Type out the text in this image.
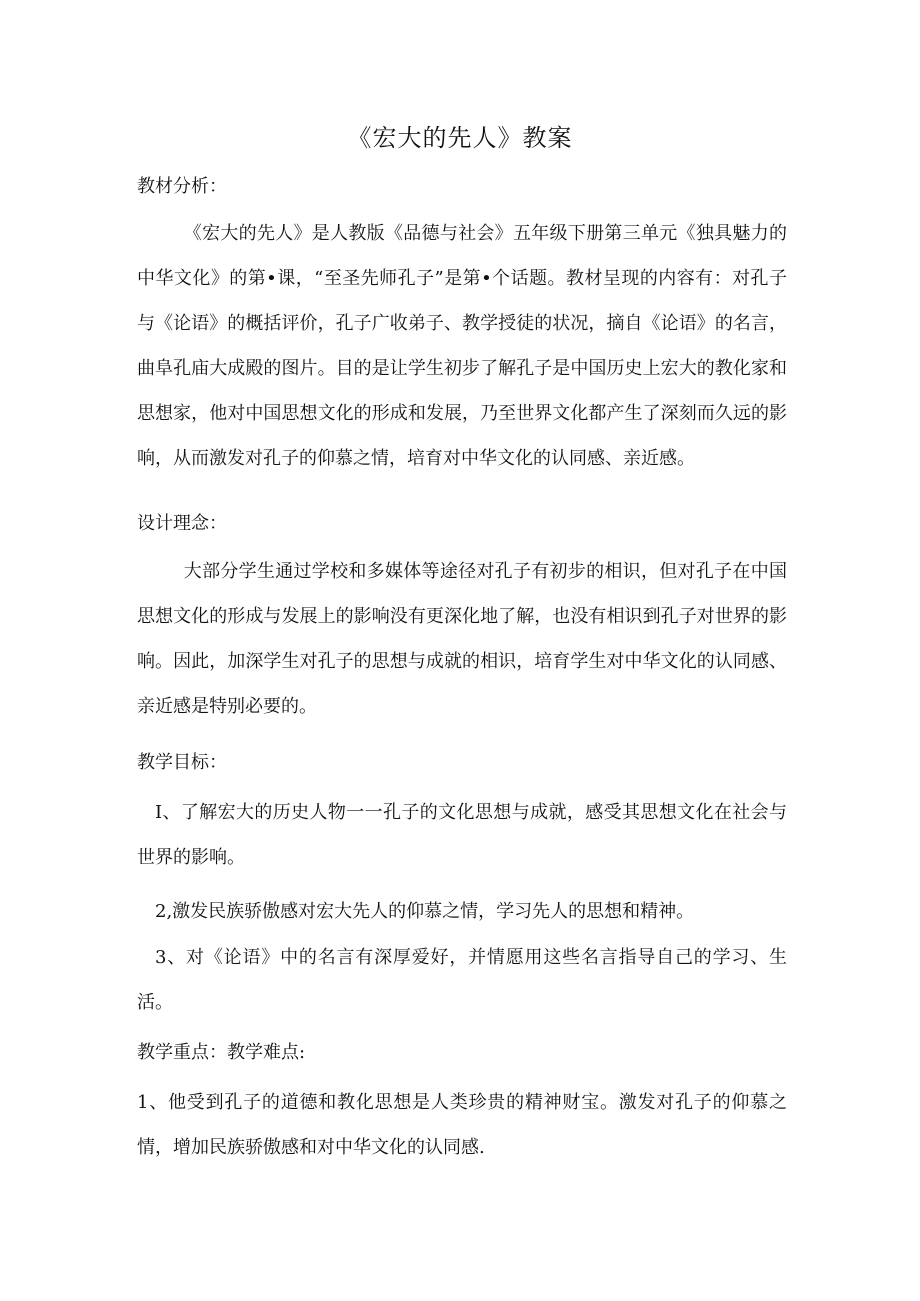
《宏大的先人》教案
教材分析：
《宏大的先人》是人教版《品德与社会》五年级下册第三单元《独具魅力的中华文化》的第•课，“至圣先师孔子”是第•个话题。教材呈现的内容有：对孔子与《论语》的概括评价，孔子广收弟子、教学授徒的状况，摘自《论语》的名言，曲阜孔庙大成殿的图片。目的是让学生初步了解孔子是中国历史上宏大的教化家和思想家，他对中国思想文化的形成和发展，乃至世界文化都产生了深刻而久远的影响，从而激发对孔子的仰慕之情，培育对中华文化的认同感、亲近感。
设计理念：
大部分学生通过学校和多媒体等途径对孔子有初步的相识，但对孔子在中国思想文化的形成与发展上的影响没有更深化地了解，也没有相识到孔子对世界的影响。因此，加深学生对孔子的思想与成就的相识，培育学生对中华文化的认同感、亲近感是特别必要的。
教学目标：
I、了解宏大的历史人物一一孔子的文化思想与成就，感受其思想文化在社会与世界的影响。
2,激发民族骄傲感对宏大先人的仰慕之情，学习先人的思想和精神。
3、对《论语》中的名言有深厚爱好，并情愿用这些名言指导自己的学习、生活。
教学重点：教学难点:
1、他受到孔子的道德和教化思想是人类珍贵的精神财宝。激发对孔子的仰慕之情，增加民族骄傲感和对中华文化的认同感.
